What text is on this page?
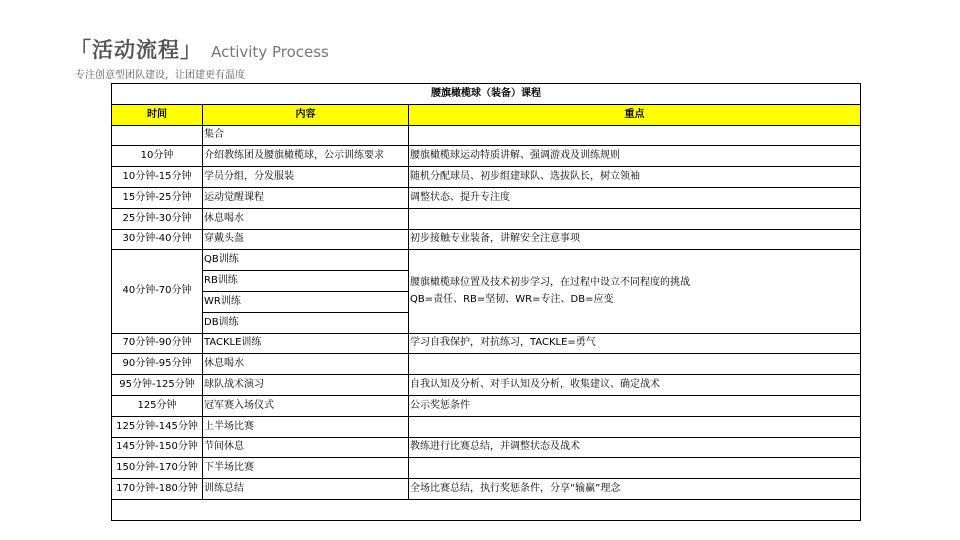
「活动流程」 Activity Process
专注创意型团队建设，让团建更有温度
腰旗橄榄球（装备）课程		
时间	内容	重点
	集合	
10分钟	介绍教练团及腰旗橄榄球，公示训练要求	腰旗橄榄球运动特质讲解、强调游戏及训练规则
10分钟-15分钟	学员分组，分发服装	随机分配球员、初步组建球队、选拔队长，树立领袖
15分钟-25分钟	运动觉醒课程	调整状态、提升专注度
25分钟-30分钟	休息喝水	
30分钟-40分钟	穿戴头盔	初步接触专业装备，讲解安全注意事项
40分钟-70分钟	QB训练	腰旗橄榄球位置及技术初步学习，在过程中设立不同程度的挑战
QB=责任、RB=坚韧、WR=专注、DB=应变

	RB训练	
	WR训练	
	DB训练	
70分钟-90分钟	TACKLE训练	学习自我保护，对抗练习，TACKLE=勇气
90分钟-95分钟	休息喝水	
95分钟-125分钟	球队战术演习	自我认知及分析、对手认知及分析，收集建议、确定战术
125分钟	冠军赛入场仪式	公示奖惩条件
125分钟-145分钟	上半场比赛	
145分钟-150分钟	节间休息	教练进行比赛总结，并调整状态及战术
150分钟-170分钟	下半场比赛	
170分钟-180分钟	训练总结	全场比赛总结，执行奖惩条件，分享“输赢”理念
